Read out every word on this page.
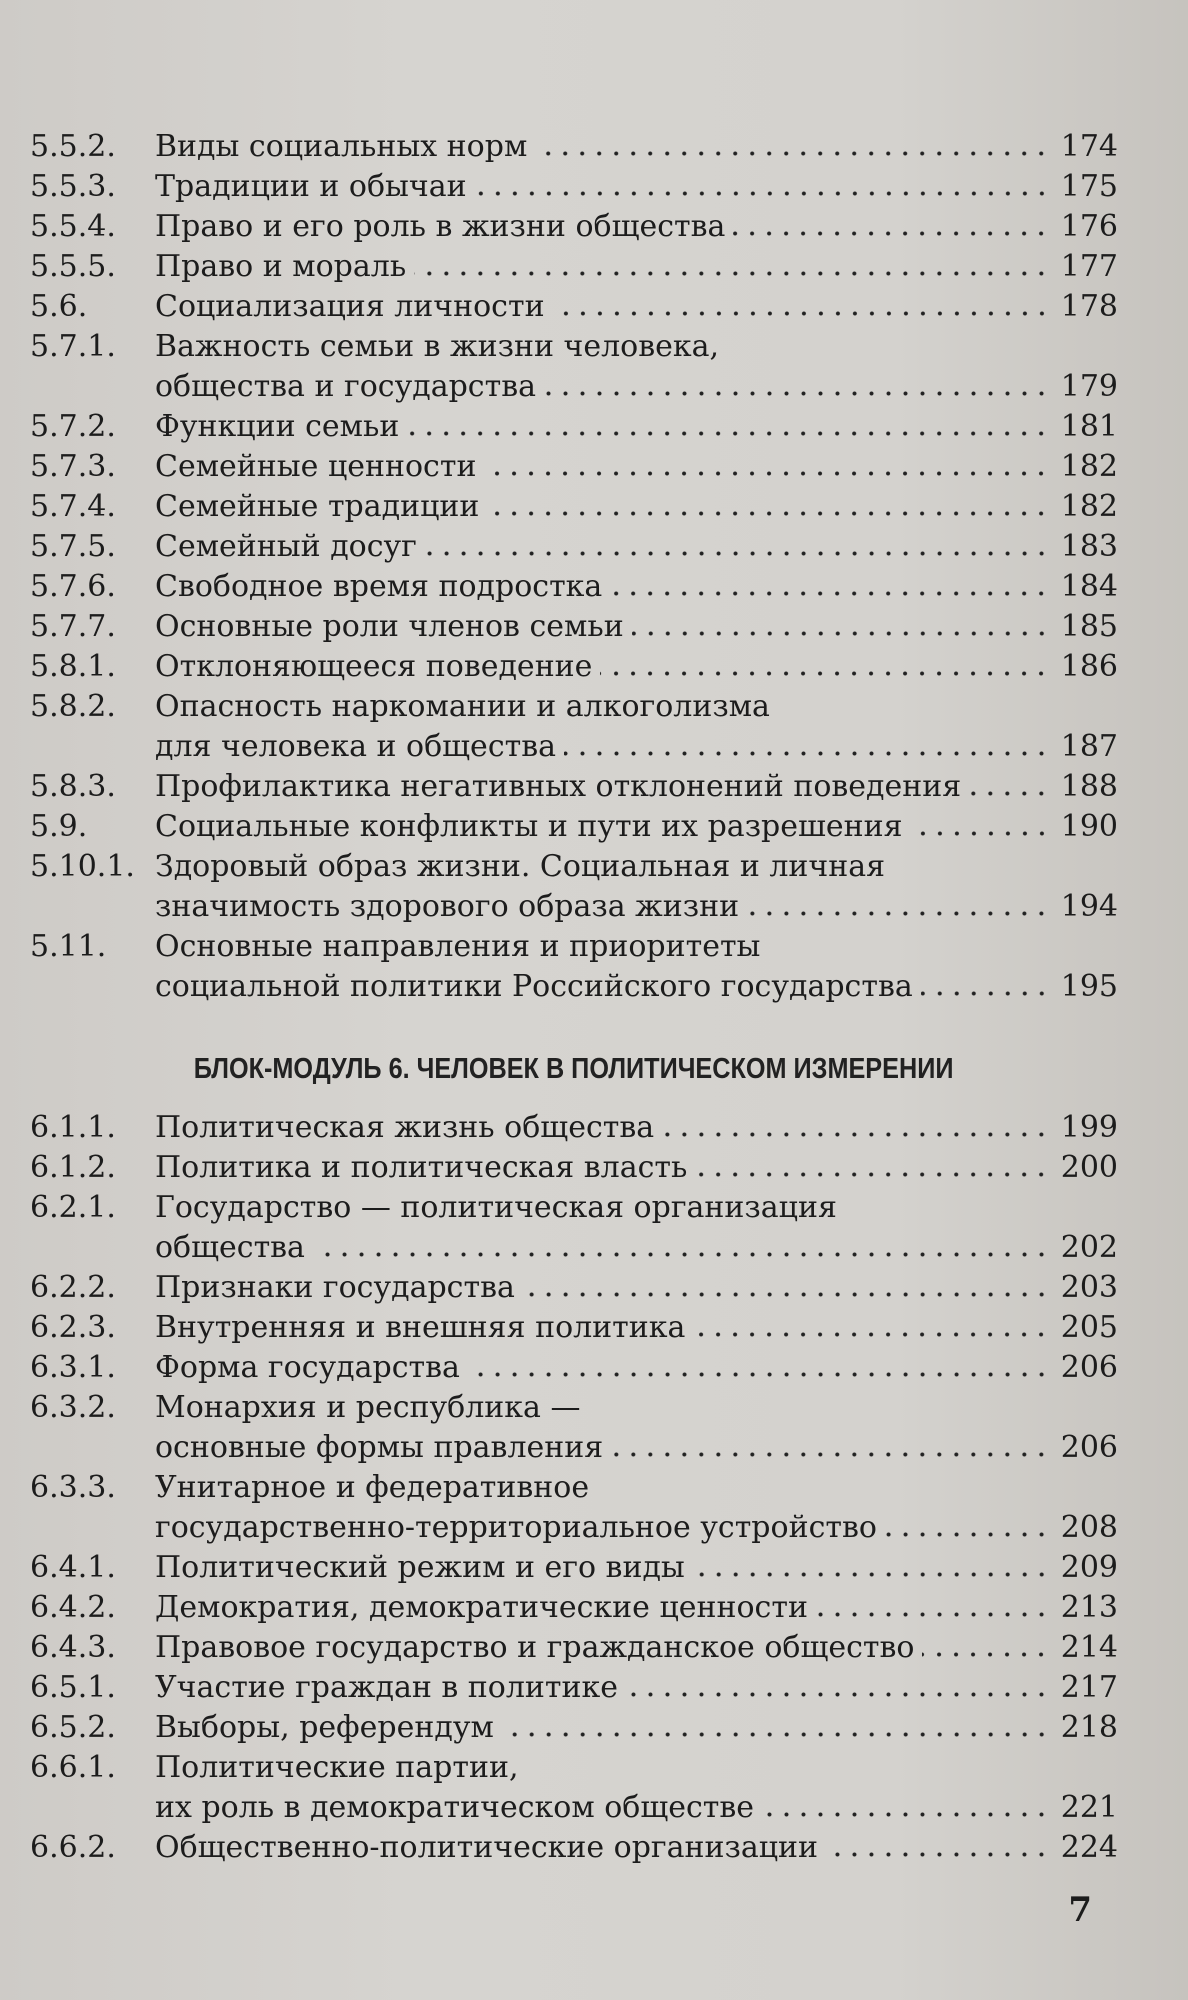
5.5.2.	Виды социальных норм	174
5.5.3.	Традиции и обычаи	175
5.5.4.	Право и его роль в жизни общества	176
5.5.5.	Право и мораль	177
5.6.	Социализация личности	178
5.7.1.	Важность семьи в жизни человека,
общества и государства	179
5.7.2.	Функции семьи	181
5.7.3.	Семейные ценности	182
5.7.4.	Семейные традиции	182
5.7.5.	Семейный досуг	183
5.7.6.	Свободное время подростка	184
5.7.7.	Основные роли членов семьи	185
5.8.1.	Отклоняющееся поведение	186
5.8.2.	Опасность наркомании и алкоголизма
для человека и общества	187
5.8.3.	Профилактика негативных отклонений поведения	188
5.9.	Социальные конфликты и пути их разрешения	190
5.10.1. Здоровый образ жизни. Социальная и личная
значимость здорового образа жизни	194
5.11.	Основные направления и приоритеты
социальной политики Российского государства	195
БЛОК-МОДУЛЬ 6. ЧЕЛОВЕК В ПОЛИТИЧЕСКОМ ИЗМЕРЕНИИ
6.1.1.	Политическая жизнь общества	199
6.1.2.	Политика и политическая власть	200
6.2.1.	Государство — политическая организация
общества	202
6.2.2.	Признаки государства	203
6.2.3.	Внутренняя и внешняя политика	205
6.3.1.	Форма государства	206
6.3.2.	Монархия и республика —
основные формы правления	206
6.3.3.	Унитарное и федеративное
государственно-территориальное устройство	208
6.4.1.	Политический режим и его виды	209
6.4.2.	Демократия, демократические ценности	213
6.4.3.	Правовое государство и гражданское общество	214
6.5.1.	Участие граждан в политике	217
6.5.2.	Выборы, референдум	218
6.6.1.	Политические партии,
их роль в демократическом обществе	221
6.6.2.	Общественно-политические организации	224
7
